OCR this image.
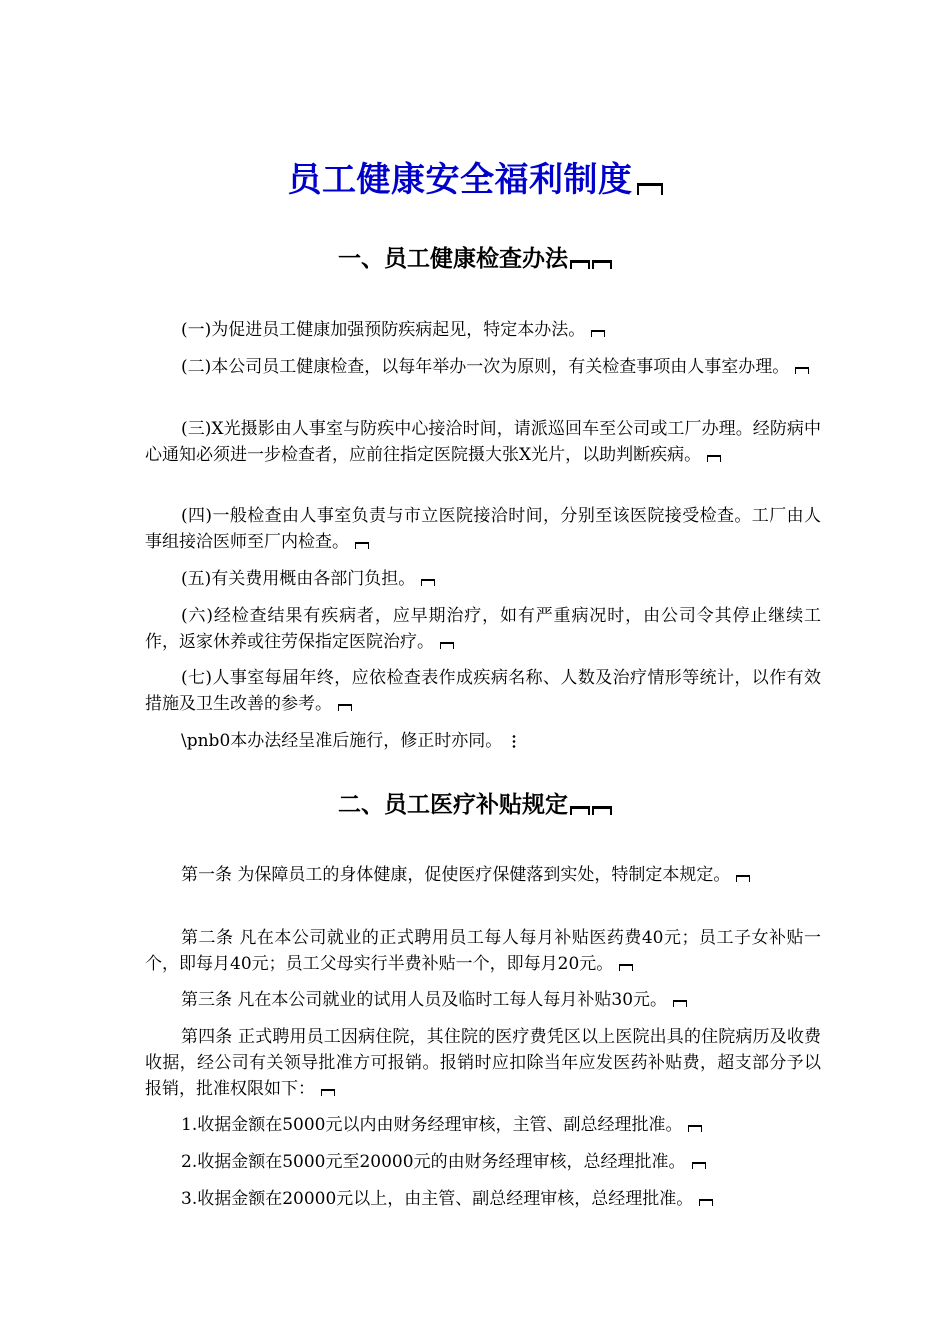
员工健康安全福利制度
一、员工健康检查办法
(一)为促进员工健康加强预防疾病起见，特定本办法。
(二)本公司员工健康检查，以每年举办一次为原则，有关检查事项由人事室办理。
(三)X光摄影由人事室与防疾中心接洽时间，请派巡回车至公司或工厂办理。经防病中心通知必须进一步检查者，应前往指定医院摄大张X光片，以助判断疾病。
(四)一般检查由人事室负责与市立医院接洽时间，分别至该医院接受检查。工厂由人事组接洽医师至厂内检查。
(五)有关费用概由各部门负担。
(六)经检查结果有疾病者，应早期治疗，如有严重病况时，由公司令其停止继续工作，返家休养或往劳保指定医院治疗。
(七)人事室每届年终，应依检查表作成疾病名称、人数及治疗情形等统计，以作有效措施及卫生改善的参考。
\pnb0本办法经呈准后施行，修正时亦同。
二、员工医疗补贴规定
第一条 为保障员工的身体健康，促使医疗保健落到实处，特制定本规定。
第二条 凡在本公司就业的正式聘用员工每人每月补贴医药费40元；员工子女补贴一个，即每月40元；员工父母实行半费补贴一个，即每月20元。
第三条 凡在本公司就业的试用人员及临时工每人每月补贴30元。
第四条 正式聘用员工因病住院，其住院的医疗费凭区以上医院出具的住院病历及收费收据，经公司有关领导批准方可报销。报销时应扣除当年应发医药补贴费，超支部分予以报销，批准权限如下：
1.收据金额在5000元以内由财务经理审核，主管、副总经理批准。
2.收据金额在5000元至20000元的由财务经理审核，总经理批准。
3.收据金额在20000元以上，由主管、副总经理审核，总经理批准。
